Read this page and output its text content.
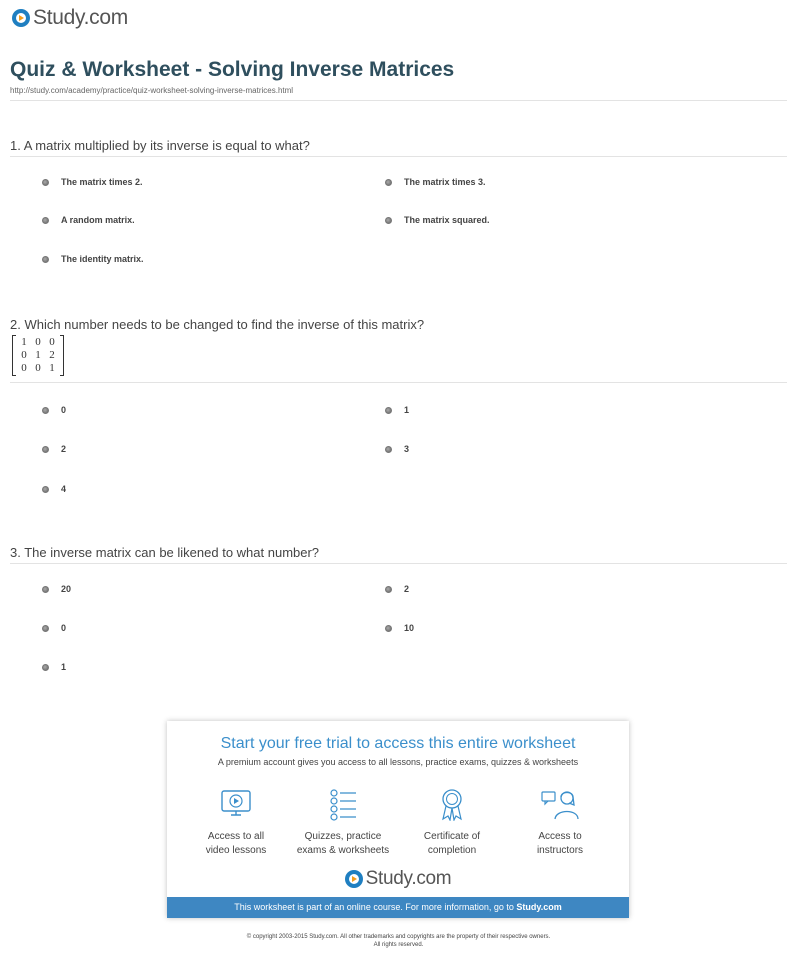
Study.com
Quiz & Worksheet - Solving Inverse Matrices
http://study.com/academy/practice/quiz-worksheet-solving-inverse-matrices.html
1. A matrix multiplied by its inverse is equal to what?
The matrix times 2.	The matrix times 3.
A random matrix.	The matrix squared.
The identity matrix.
2. Which number needs to be changed to find the inverse of this matrix?
1 0 0
0 1 2
0 0 1
0	1
2	3
4
3. The inverse matrix can be likened to what number?
20	2
0	10
1
Start your free trial to access this entire worksheet
A premium account gives you access to all lessons, practice exams, quizzes & worksheets
Access to all
video lessons
Quizzes, practice
exams & worksheets
Certificate of
completion
Access to
instructors
Study.com
This worksheet is part of an online course. For more information, go to Study.com
© copyright 2003-2015 Study.com. All other trademarks and copyrights are the property of their respective owners.
All rights reserved.
